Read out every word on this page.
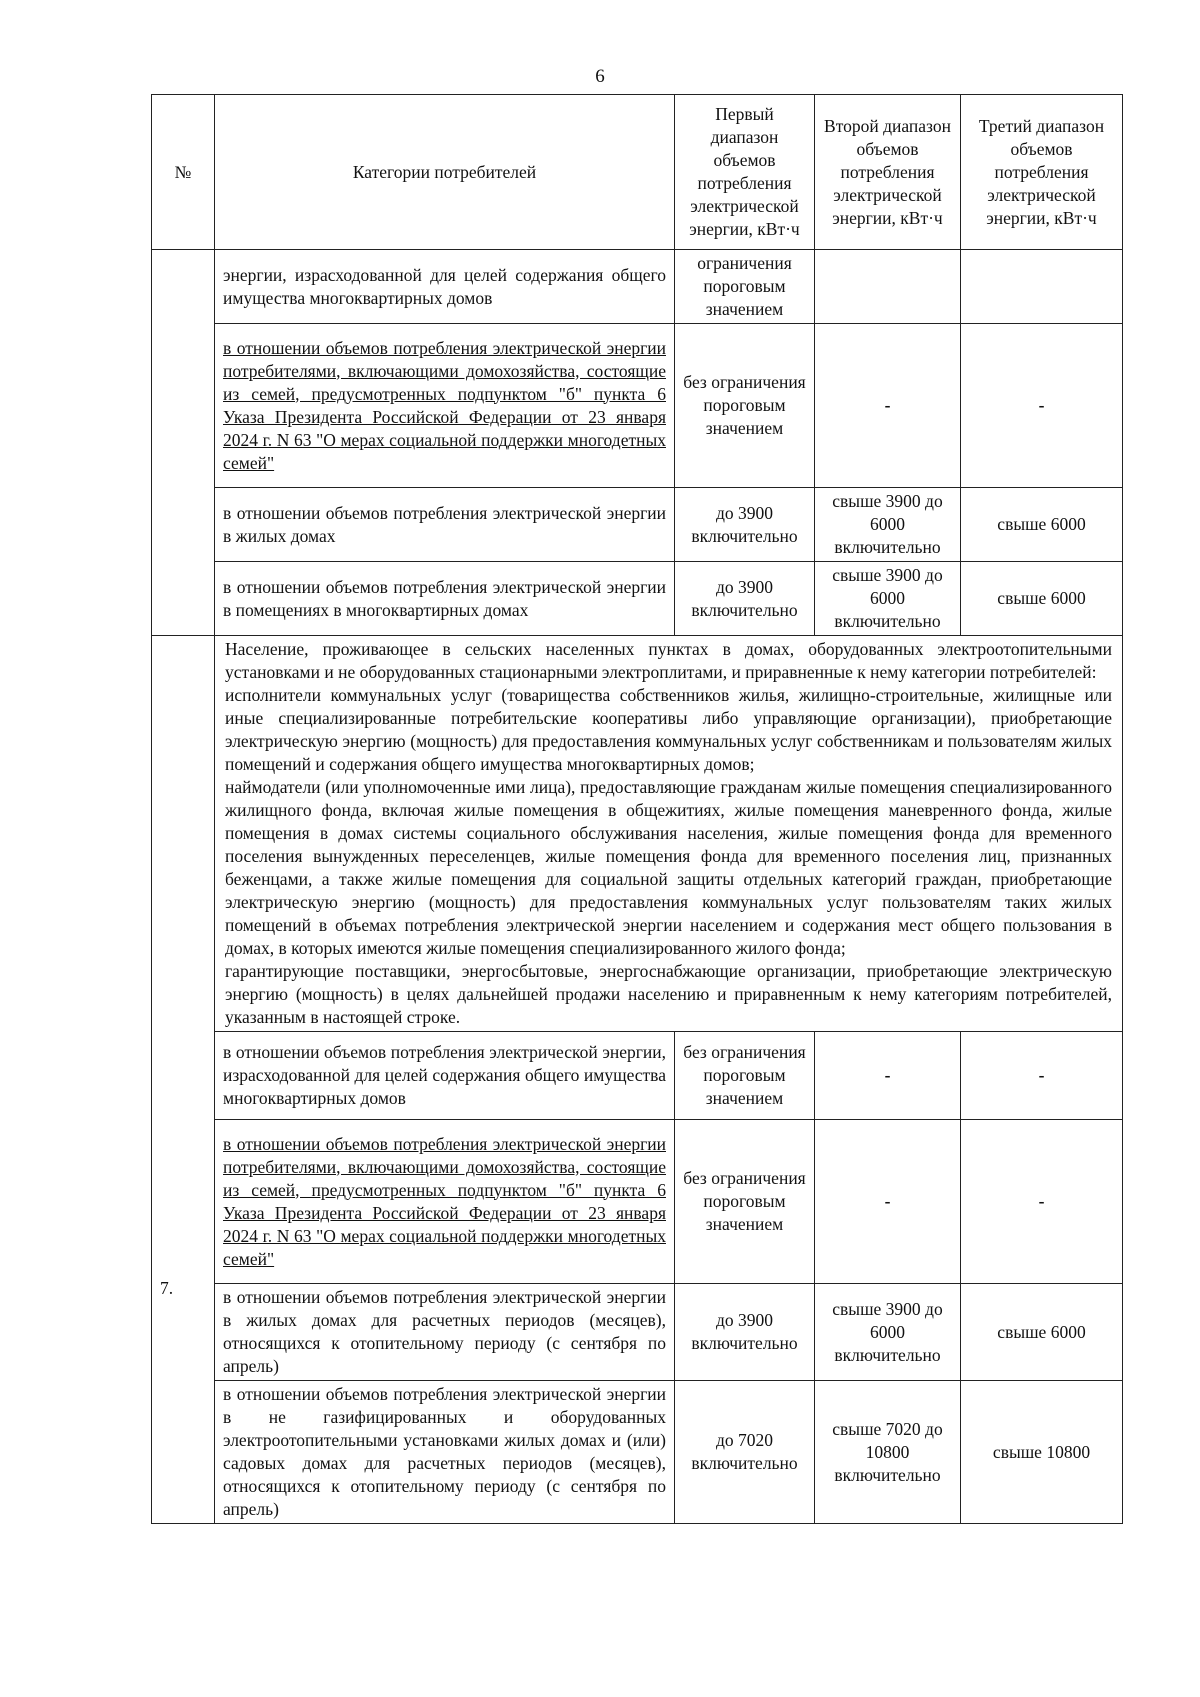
6
№	Категории потребителей	Первый диапазон объемов потребления электрической энергии, кВт·ч	Второй диапазон объемов потребления электрической энергии, кВт·ч	Третий диапазон объемов потребления электрической энергии, кВт·ч
	энергии, израсходованной для целей содержания общего имущества многоквартирных домов	ограничения пороговым значением		
	в отношении объемов потребления электрической энергии потребителями, включающими домохозяйства, состоящие из семей, предусмотренных подпунктом "б" пункта 6 Указа Президента Российской Федерации от 23 января 2024 г. N 63 "О мерах социальной поддержки многодетных семей"	без ограничения пороговым значением	-	-
	в отношении объемов потребления электрической энергии в жилых домах	до 3900 включительно	свыше 3900 до 6000 включительно	свыше 6000
	в отношении объемов потребления электрической энергии в помещениях в многоквартирных домах	до 3900 включительно	свыше 3900 до 6000 включительно	свыше 6000
7.	Население, проживающее в сельских населенных пунктах в домах, оборудованных электроотопительными установками и не оборудованных стационарными электроплитами, и приравненные к нему категории потребителей:

исполнители коммунальных услуг (товарищества собственников жилья, жилищно-строительные, жилищные или иные специализированные потребительские кооперативы либо управляющие организации), приобретающие электрическую энергию (мощность) для предоставления коммунальных услуг собственникам и пользователям жилых помещений и содержания общего имущества многоквартирных домов;

наймодатели (или уполномоченные ими лица), предоставляющие гражданам жилые помещения специализированного жилищного фонда, включая жилые помещения в общежитиях, жилые помещения маневренного фонда, жилые помещения в домах системы социального обслуживания населения, жилые помещения фонда для временного поселения вынужденных переселенцев, жилые помещения фонда для временного поселения лиц, признанных беженцами, а также жилые помещения для социальной защиты отдельных категорий граждан, приобретающие электрическую энергию (мощность) для предоставления коммунальных услуг пользователям таких жилых помещений в объемах потребления электрической энергии населением и содержания мест общего пользования в домах, в которых имеются жилые помещения специализированного жилого фонда;

гарантирующие поставщики, энергосбытовые, энергоснабжающие организации, приобретающие электрическую энергию (мощность) в целях дальнейшей продажи населению и приравненным к нему категориям потребителей, указанным в настоящей строке.			

	в отношении объемов потребления электрической энергии, израсходованной для целей содержания общего имущества многоквартирных домов	без ограничения пороговым значением	-	-
	в отношении объемов потребления электрической энергии потребителями, включающими домохозяйства, состоящие из семей, предусмотренных подпунктом "б" пункта 6 Указа Президента Российской Федерации от 23 января 2024 г. N 63 "О мерах социальной поддержки многодетных семей"	без ограничения пороговым значением	-	-
	в отношении объемов потребления электрической энергии в жилых домах для расчетных периодов (месяцев), относящихся к отопительному периоду (с сентября по апрель)	до 3900 включительно	свыше 3900 до 6000 включительно	свыше 6000
	в отношении объемов потребления электрической энергии в не газифицированных и оборудованных электроотопительными установками жилых домах и (или) садовых домах для расчетных периодов (месяцев), относящихся к отопительному периоду (с сентября по апрель)	до 7020 включительно	свыше 7020 до 10800 включительно	свыше 10800
